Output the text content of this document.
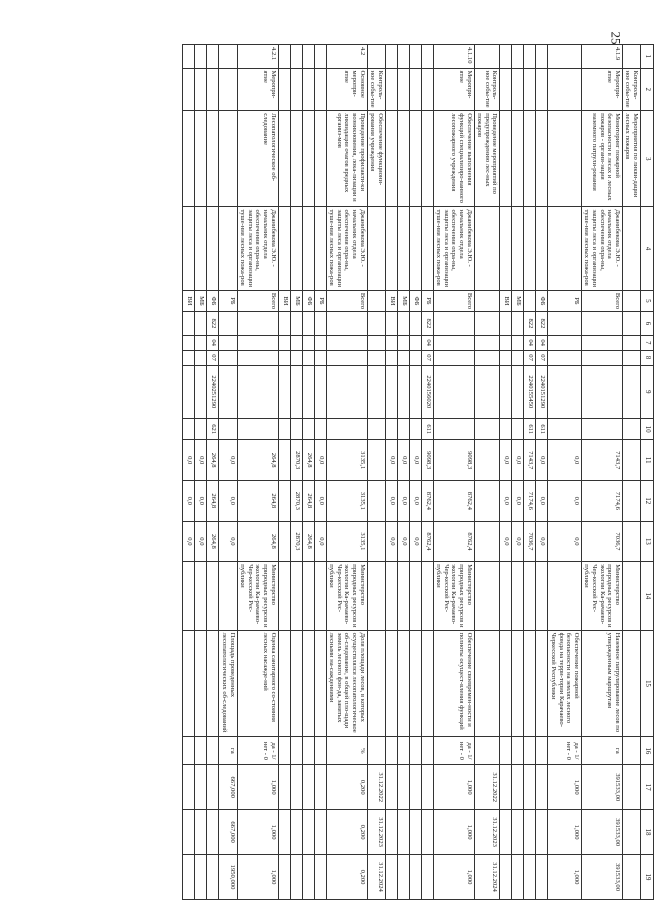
25
1	2	3	4	5	6	7	8	9	10	11	12	13	14	15	16	17	18	19
	Контроль-ное собы-тие	Мероприятия по ликви-дации лесных пожаров																
4.1.9	Меропри-ятие	Мониторинг пожарной безопасности в лесах и лесных пожаров - органи-зация наземного патрули-рования	Джанибекова Э.Ю. - начальник отдела обеспечения охра-ны, защиты леса и организации туше-ния лесных пожа-ров	Всего						7143,7	7174,6	7036,7	Министерство природных ресурсов и экологии Ка-рачаево-Чер-кесской Рес-публики	Наземное патрулирование лесов по утвержденным маршрутам	га	391533,00	391533,00	391533,00
				РБ						0,0	0,0	0,0		Обеспечение пожарной безопасности на землях лесного фонда на терри-тории Карачаево-Черкесской Республики	да - 1/ нет - 0	1,000	1,000	1,000
				ФБ	822	04	07	2240151290	611	0,0	0,0	0,0						
					822	04	07	2240155450	611	7143,7	7174,6	7036,7						
				МБ						0,0	0,0	0,0						
				ВИ						0,0	0,0	0,0						
	Контроль-ное собы-тие	Проведение мероприятий по предупреждению лес-ных пожаров														31.12.2022	31.12.2023	31.12.2024
4.1.10	Меропри-ятие	Обеспечение выполнения функций специализиро-ванного лесопожарного учреждения	Джанибекова Э.Ю. - начальник отдела обеспечения охра-ны, защиты леса и организации туше-ния лесных пожа-ров	Всего						9098,3	8762,4	8762,4	Министерство природных ресурсов и экологии Ка-рачаево-Чер-кесской Рес-публики	Обеспечение своевремен-ности и полноты осущест-вления функций	да - 1/ нет - 0	1,000	1,000	1,000
				РБ	822	04	07	2240156020	611	9098,3	8762,4	8762,4						
				ФБ						0,0	0,0	0,0						
				МБ						0,0	0,0	0,0						
				ВИ						0,0	0,0	0,0						
	Контроль-ное собы-тие	Обеспечение функциони-рования учреждения														31.12.2022	31.12.2023	31.12.2024
4.2	Основное меропри-ятие	Проведение профилакти-ки возникновения, лока-лизации и ликвидации очагов вредных организ-мов	Джанибекова Э.Ю. - начальник отдела обеспечения охра-ны, защиты леса и организации туше-ния лесных пожа-ров	Всего						3135,1	3135,1	3135,1	Министерство природных ресурсов и экологии Ка-рачаево-Чер-кесской Рес-публики	Доля площади лесов, в которых осуществлялся лесопатологическое об-следование, в общей пло-щади земель лесного фон-да, занятых лесными на-саждениями	%	0,200	0,200	0,200
				РБ						0,0	0,0	0,0						
				ФБ						264,8	264,8	264,8						
				МБ						2870,3	2870,3	2870,3						
				ВИ														
4.2.1	Меропри-ятие	Лесопатологическое об-следование	Джанибекова Э.Ю. - начальник отдела обеспечения охра-ны, защиты леса и организации туше-ния лесных пожа-ров	Всего						264,8	264,8	264,8	Министерство природных ресурсов и экологии Ка-рачаево-Чер-кесской Рес-публики	Оценка санитарного со-стояния лесных насажде-ний	да - 1/ нет - 0	1,000	1,000	1,000
				РБ						0,0	0,0	0,0		Площадь проведенных лесопатологических об-следований	га	667,000	667,000	1950,000
				ФБ	822	04	07	2240251290	621	264,8	264,8	264,8						
				МБ						0,0	0,0	0,0						
				ВИ						0,0	0,0	0,0						
